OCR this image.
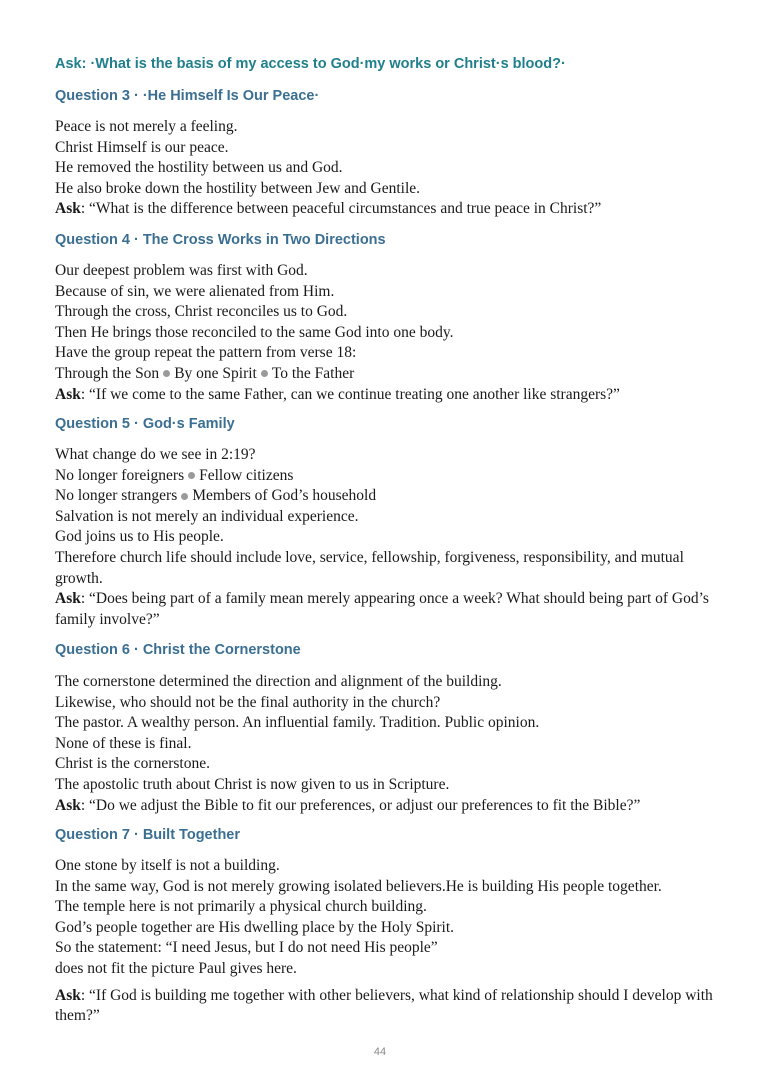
Ask: ·What is the basis of my access to God·my works or Christ·s blood?·
Question 3 · ·He Himself Is Our Peace·
Peace is not merely a feeling.
Christ Himself is our peace.
He removed the hostility between us and God.
He also broke down the hostility between Jew and Gentile.
Ask: “What is the difference between peaceful circumstances and true peace in Christ?”
Question 4 · The Cross Works in Two Directions
Our deepest problem was first with God.
Because of sin, we were alienated from Him.
Through the cross, Christ reconciles us to God.
Then He brings those reconciled to the same God into one body.
Have the group repeat the pattern from verse 18:
Through the Son By one Spirit To the Father
Ask: “If we come to the same Father, can we continue treating one another like strangers?”
Question 5 · God·s Family
What change do we see in 2:19?
No longer foreigners Fellow citizens
No longer strangers Members of God’s household
Salvation is not merely an individual experience.
God joins us to His people.
Therefore church life should include love, service, fellowship, forgiveness, responsibility, and mutual growth.
Ask: “Does being part of a family mean merely appearing once a week? What should being part of God’s family involve?”
Question 6 · Christ the Cornerstone
The cornerstone determined the direction and alignment of the building.
Likewise, who should not be the final authority in the church?
The pastor. A wealthy person. An influential family. Tradition. Public opinion.
None of these is final.
Christ is the cornerstone.
The apostolic truth about Christ is now given to us in Scripture.
Ask: “Do we adjust the Bible to fit our preferences, or adjust our preferences to fit the Bible?”
Question 7 · Built Together
One stone by itself is not a building.
In the same way, God is not merely growing isolated believers.He is building His people together.
The temple here is not primarily a physical church building.
God’s people together are His dwelling place by the Holy Spirit.
So the statement: “I need Jesus, but I do not need His people”
does not fit the picture Paul gives here.
Ask: “If God is building me together with other believers, what kind of relationship should I develop with them?”
44
